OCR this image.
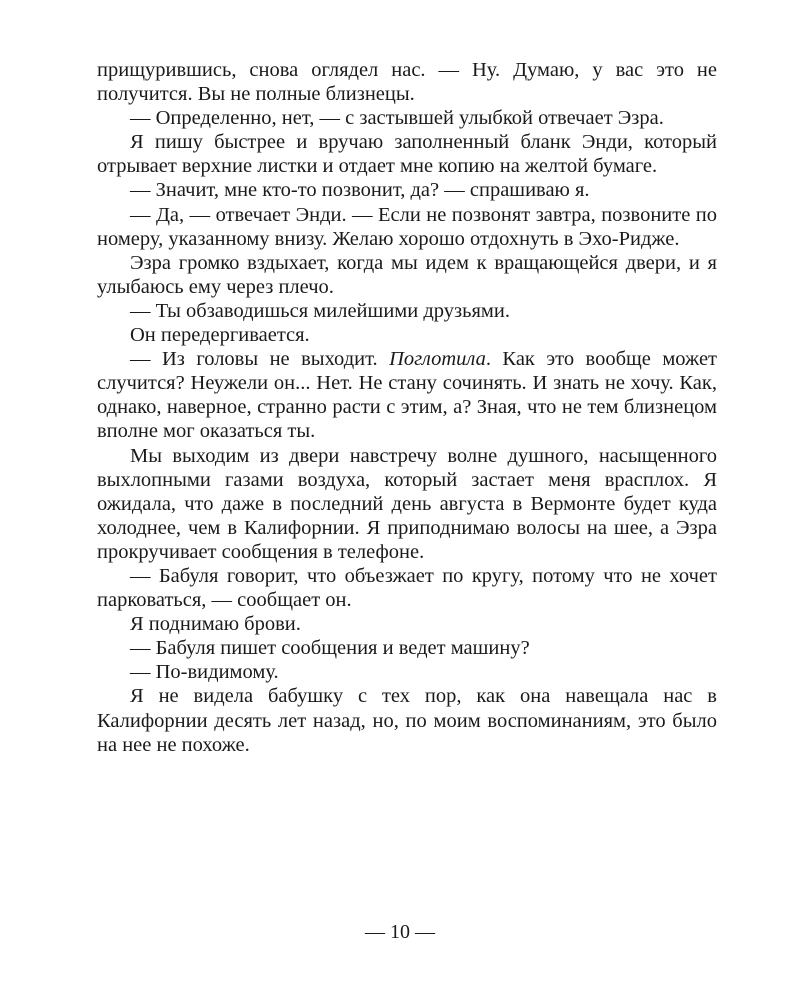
прищурившись, снова оглядел нас. — Ну. Думаю, у вас это не получится. Вы не полные близнецы.

— Определенно, нет, — с застывшей улыбкой отвечает Эзра.

Я пишу быстрее и вручаю заполненный бланк Энди, который отрывает верхние листки и отдает мне копию на желтой бумаге.

— Значит, мне кто-то позвонит, да? — спрашиваю я.

— Да, — отвечает Энди. — Если не позвонят завтра, позвоните по номеру, указанному внизу. Желаю хорошо отдохнуть в Эхо-Ридже.

Эзра громко вздыхает, когда мы идем к вращающейся двери, и я улыбаюсь ему через плечо.

— Ты обзаводишься милейшими друзьями.

Он передергивается.

— Из головы не выходит. Поглотила. Как это вообще может случится? Неужели он... Нет. Не стану сочинять. И знать не хочу. Как, однако, наверное, странно расти с этим, а? Зная, что не тем близнецом вполне мог оказаться ты.

Мы выходим из двери навстречу волне душного, насыщенного выхлопными газами воздуха, который застает меня врасплох. Я ожидала, что даже в последний день августа в Вермонте будет куда холоднее, чем в Калифорнии. Я приподнимаю волосы на шее, а Эзра прокручивает сообщения в телефоне.

— Бабуля говорит, что объезжает по кругу, потому что не хочет парковаться, — сообщает он.

Я поднимаю брови.

— Бабуля пишет сообщения и ведет машину?

— По-видимому.

Я не видела бабушку с тех пор, как она навещала нас в Калифорнии десять лет назад, но, по моим воспоминаниям, это было на нее не похоже.

— 10 —
